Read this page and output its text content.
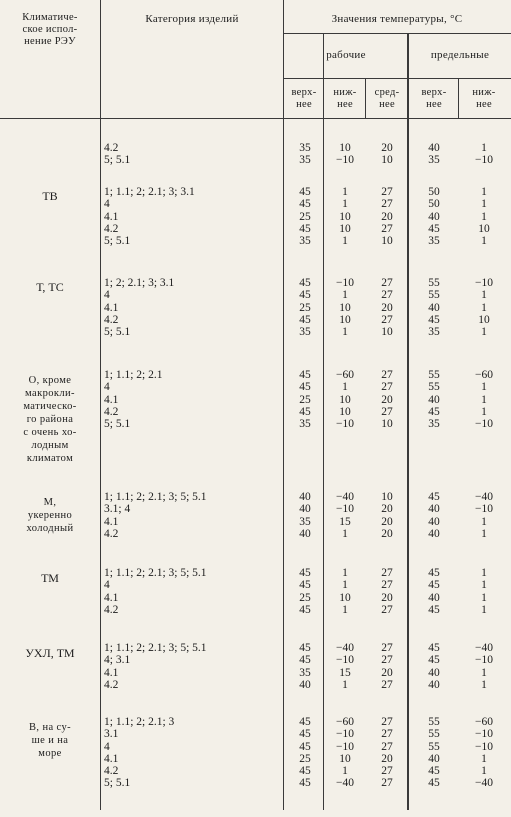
Климатиче-
ское испол-
нение РЭУ
Категория изделий	Значения температуры, °С
рабочие	предельные
верх-
нее
ниж-
нее
сред-
нее
верх-
нее
ниж-
нее
4.2	35	10	20	40	1
5; 5.1	35	−10	10	35	−10
ТВ	1; 1.1; 2; 2.1; 3; 3.1	45	1	27	50	1
4	45	1	27	50	1
4.1	25	10	20	40	1
4.2	45	10	27	45	10
5; 5.1	35	1	10	35	1
Т, ТС	1; 2; 2.1; 3; 3.1	45	−10	27	55	−10
4	45	1	27	55	1
4.1	25	10	20	40	1
4.2	45	10	27	45	10
5; 5.1	35	1	10	35	1
О, кроме
макрокли-
матическо-
го района
с очень хо-
лодным
климатом
1; 1.1; 2; 2.1	45	−60	27	55	−60
4	45	1	27	55	1
4.1	25	10	20	40	1
4.2	45	10	27	45	1
5; 5.1	35	−10	10	35	−10
М,
укеренно
холодный
1; 1.1; 2; 2.1; 3; 5; 5.1	40	−40	10	45	−40
3.1; 4	40	−10	20	40	−10
4.1	35	15	20	40	1
4.2	40	1	20	40	1
ТМ	1; 1.1; 2; 2.1; 3; 5; 5.1	45	1	27	45	1
4	45	1	27	45	1
4.1	25	10	20	40	1
4.2	45	1	27	45	1
УХЛ, ТМ	1; 1.1; 2; 2.1; 3; 5; 5.1	45	−40	27	45	−40
4; 3.1	45	−10	27	45	−10
4.1	35	15	20	40	1
4.2	40	1	27	40	1
В, на су-
ше и на
море
1; 1.1; 2; 2.1; 3	45	−60	27	55	−60
3.1	45	−10	27	55	−10
4	45	−10	27	55	−10
4.1	25	10	20	40	1
4.2	45	1	27	45	1
5; 5.1	45	−40	27	45	−40
